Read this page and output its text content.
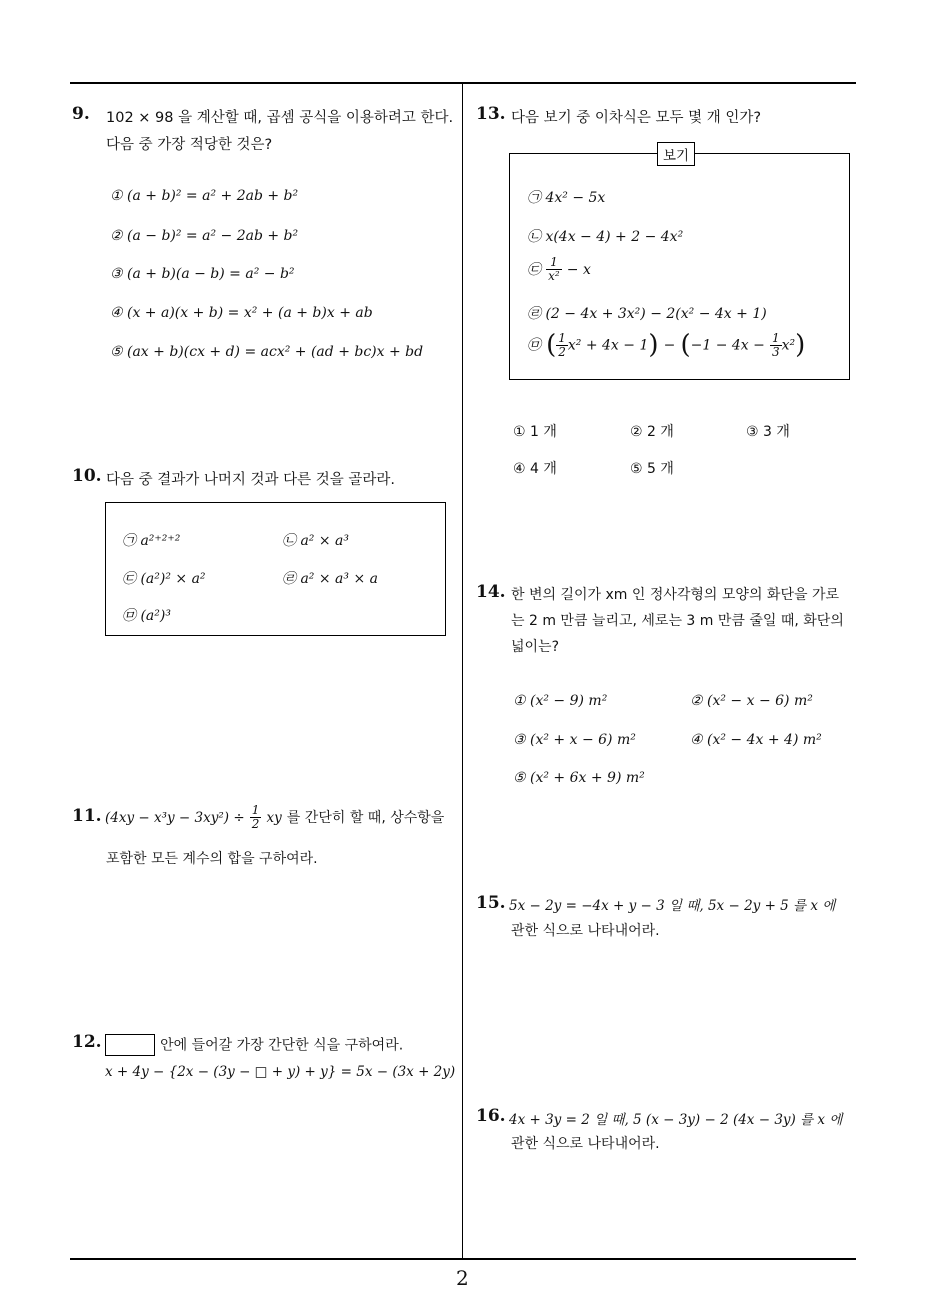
2
9. 102 × 98 을 계산할 때, 곱셈 공식을 이용하려고 한다.
다음 중 가장 적당한 것은?
① (a + b)² = a² + 2ab + b²
② (a − b)² = a² − 2ab + b²
③ (a + b)(a − b) = a² − b²
④ (x + a)(x + b) = x² + (a + b)x + ab
⑤ (ax + b)(cx + d) = acx² + (ad + bc)x + bd
10. 다음 중 결과가 나머지 것과 다른 것을 골라라.
㉠ a²⁺²⁺²	㉡ a² × a³
㉢ (a²)² × a²	㉣ a² × a³ × a
㉤ (a²)³
11. $(4xy - x^3y - 3xy^2) \div \frac{1}{2}$ xy 를 간단히 할 때, 상수항을
포함한 모든 계수의 합을 구하여라.
12.	안에 들어갈 가장 간단한 식을 구하여라.
x + 4y − {2x − (3y − □ + y) + y} = 5x − (3x + 2y)
13. 다음 보기 중 이차식은 모두 몇 개 인가?
보기
㉠ 4x² − 5x
㉡ x(4x − 4) + 2 − 4x²
㉢ $\frac{1}{\text{x²}} - x$
㉣ (2 − 4x + 3x²) − 2(x² − 4x + 1)
㉤ ( $\frac{1}{2} x^2 + 4x - 1) - (-1 - 4x - \frac{1}{3} x^2)$
① 1 개	② 2 개	③ 3 개
④ 4 개	⑤ 5 개
14. 한 변의 길이가 xm 인 정사각형의 모양의 화단을 가로
는 2 m 만큼 늘리고, 세로는 3 m 만큼 줄일 때, 화단의
넓이는?
① (x² − 9) m²	② (x² − x − 6) m²
③ (x² + x − 6) m²	④ (x² − 4x + 4) m²
⑤ (x² + 6x + 9) m²
15. 5x − 2y = −4x + y − 3 일 때, 5x − 2y + 5 를 x 에
관한 식으로 나타내어라.
16. 4x + 3y = 2 일 때, 5 (x − 3y) − 2 (4x − 3y) 를 x 에
관한 식으로 나타내어라.
